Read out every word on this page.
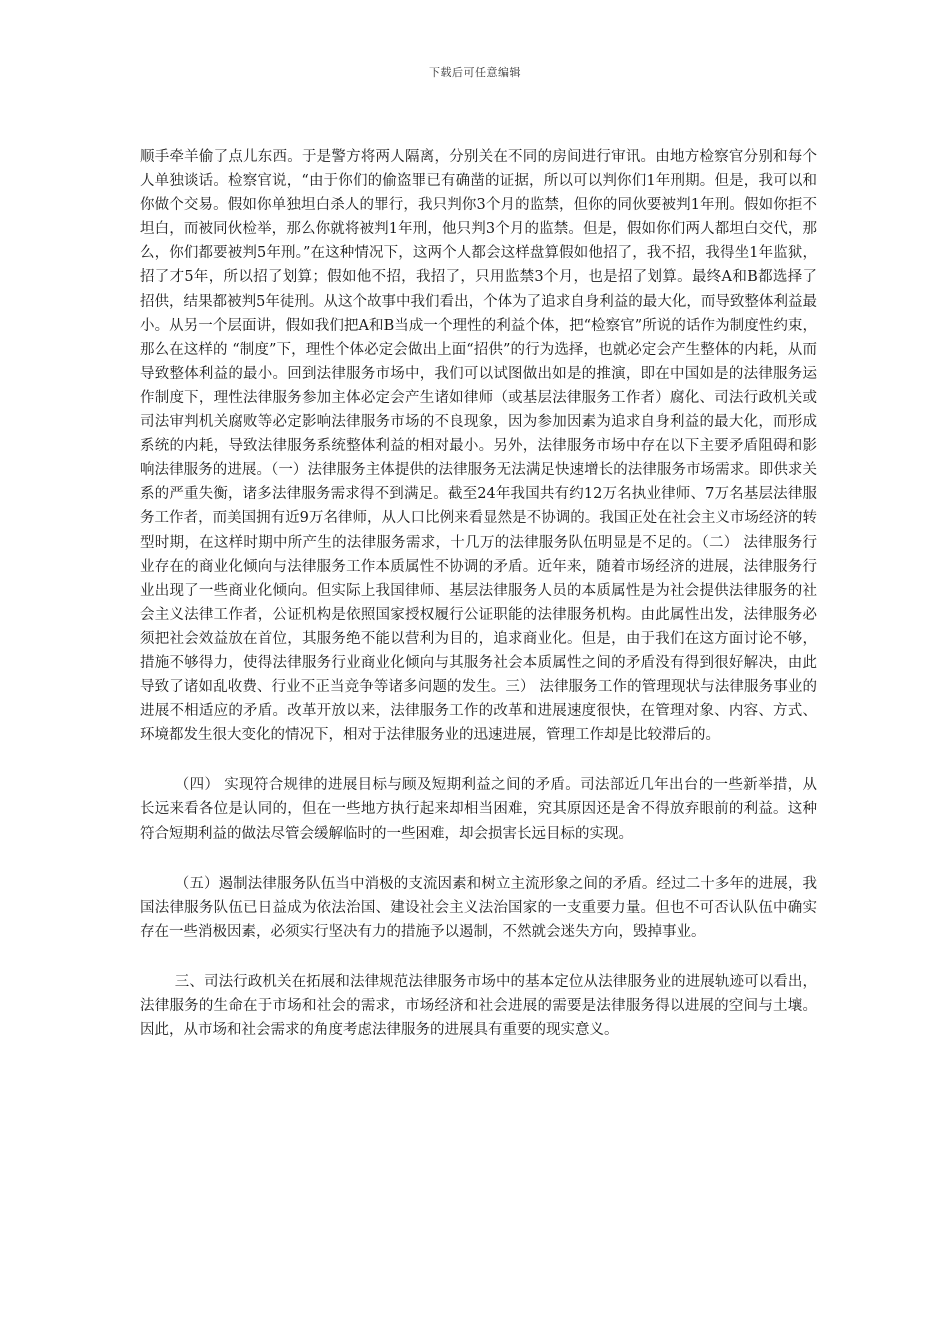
下载后可任意编辑

顺手牵羊偷了点儿东西。于是警方将两人隔离，分别关在不同的房间进行审讯。由地方检察官分别和每个人单独谈话。检察官说，“由于你们的偷盗罪已有确凿的证据，所以可以判你们1年刑期。但是，我可以和你做个交易。假如你单独坦白杀人的罪行，我只判你3个月的监禁，但你的同伙要被判1年刑。假如你拒不坦白，而被同伙检举，那么你就将被判1年刑，他只判3个月的监禁。但是，假如你们两人都坦白交代，那么，你们都要被判5年刑。”在这种情况下，这两个人都会这样盘算假如他招了，我不招，我得坐1年监狱，招了才5年，所以招了划算；假如他不招，我招了，只用监禁3个月，也是招了划算。最终A和B都选择了招供，结果都被判5年徒刑。从这个故事中我们看出，个体为了追求自身利益的最大化，而导致整体利益最小。从另一个层面讲，假如我们把A和B当成一个理性的利益个体，把“检察官”所说的话作为制度性约束，那么在这样的 “制度”下，理性个体必定会做出上面“招供”的行为选择，也就必定会产生整体的内耗，从而导致整体利益的最小。回到法律服务市场中，我们可以试图做出如是的推演，即在中国如是的法律服务运作制度下，理性法律服务参加主体必定会产生诸如律师（或基层法律服务工作者）腐化、司法行政机关或司法审判机关腐败等必定影响法律服务市场的不良现象，因为参加因素为追求自身利益的最大化，而形成系统的内耗，导致法律服务系统整体利益的相对最小。另外，法律服务市场中存在以下主要矛盾阻碍和影响法律服务的进展。（一）法律服务主体提供的法律服务无法满足快速增长的法律服务市场需求。即供求关系的严重失衡，诸多法律服务需求得不到满足。截至24年我国共有约12万名执业律师、7万名基层法律服务工作者，而美国拥有近9万名律师，从人口比例来看显然是不协调的。我国正处在社会主义市场经济的转型时期，在这样时期中所产生的法律服务需求，十几万的法律服务队伍明显是不足的。（二） 法律服务行业存在的商业化倾向与法律服务工作本质属性不协调的矛盾。近年来，随着市场经济的进展，法律服务行业出现了一些商业化倾向。但实际上我国律师、基层法律服务人员的本质属性是为社会提供法律服务的社会主义法律工作者，公证机构是依照国家授权履行公证职能的法律服务机构。由此属性出发，法律服务必须把社会效益放在首位，其服务绝不能以营利为目的，追求商业化。但是，由于我们在这方面讨论不够，措施不够得力，使得法律服务行业商业化倾向与其服务社会本质属性之间的矛盾没有得到很好解决，由此导致了诸如乱收费、行业不正当竞争等诸多问题的发生。三） 法律服务工作的管理现状与法律服务事业的进展不相适应的矛盾。改革开放以来，法律服务工作的改革和进展速度很快，在管理对象、内容、方式、环境都发生很大变化的情况下，相对于法律服务业的迅速进展，管理工作却是比较滞后的。

（四） 实现符合规律的进展目标与顾及短期利益之间的矛盾。司法部近几年出台的一些新举措，从长远来看各位是认同的，但在一些地方执行起来却相当困难，究其原因还是舍不得放弃眼前的利益。这种符合短期利益的做法尽管会缓解临时的一些困难，却会损害长远目标的实现。

（五）遏制法律服务队伍当中消极的支流因素和树立主流形象之间的矛盾。经过二十多年的进展，我国法律服务队伍已日益成为依法治国、建设社会主义法治国家的一支重要力量。但也不可否认队伍中确实存在一些消极因素，必须实行坚决有力的措施予以遏制，不然就会迷失方向，毁掉事业。

三、司法行政机关在拓展和法律规范法律服务市场中的基本定位从法律服务业的进展轨迹可以看出，法律服务的生命在于市场和社会的需求，市场经济和社会进展的需要是法律服务得以进展的空间与土壤。因此，从市场和社会需求的角度考虑法律服务的进展具有重要的现实意义。
